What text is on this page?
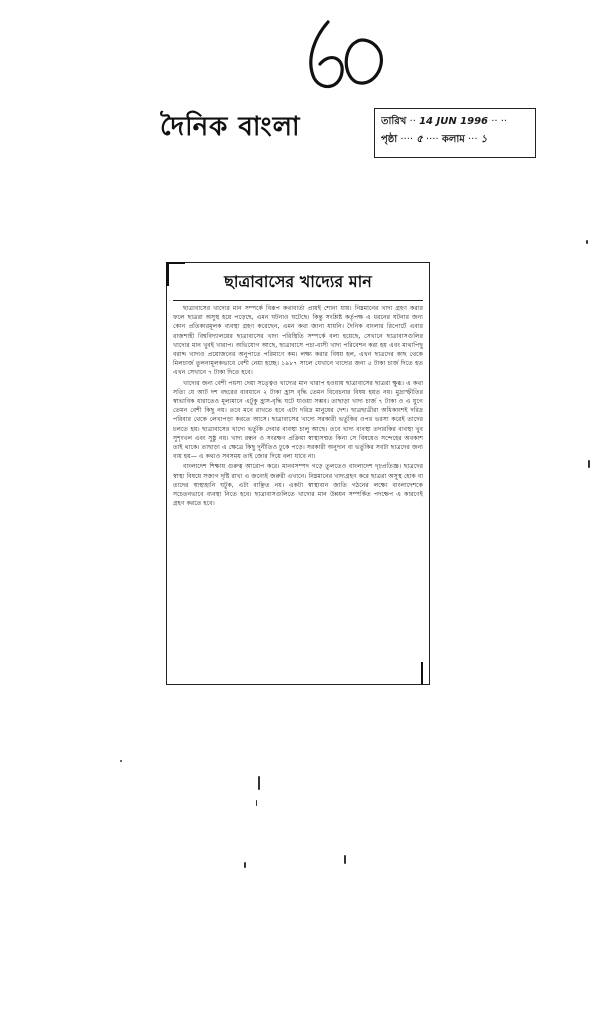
দৈনিক বাংলা	তারিখ ·· 14 JUN 1996 ·· ··
পৃষ্ঠা ···· ৫ ···· কলাম ··· ১
ছাত্রাবাসের খাদ্যের মান

ছাত্রাবাসের খাদ্যের মান সম্পর্কে বিরূপ কথাবার্তা প্রায়ই শোনা যায়। নিম্নমানের খাদ্য গ্রহণ করার ফলে ছাত্ররা অসুস্থ হয়ে পড়েছে, এমন ঘটনাও ঘটেছে। কিন্তু সংশ্লিষ্ট কর্তৃপক্ষ এ ধরনের ঘটনার জন্য কোন প্রতিকারমূলক ব্যবস্থা গ্রহণ করেছেন, এমন কথা জানা যায়নি। দৈনিক বাংলার রিপোর্টে এবার রাজশাহী বিশ্ববিদ্যালয়ের ছাত্রাবাসের খাদ্য পরিস্থিতি সম্পর্কে বলা হয়েছে, সেখানে ছাত্রাবাসগুলির খাদ্যের মান খুবই খারাপ। অভিযোগ আছে, ছাত্রাবাসে পচা-বাসী খাদ্য পরিবেশন করা হয় এবং মাথাপিছু বরাদ্দ খাদ্যও প্রয়োজনের অনুপাতে পরিমাণে কম। লক্ষ্য করার বিষয় হল, এখন ছাত্রদের কাছ থেকে মিলচার্জ তুলনামূলকভাবে বেশী নেয়া হচ্ছে। ১৯৮৭ সালে যেখানে খাদ্যের জন্য ৫ টাকা চার্জ দিতে হত এখন সেখানে ৭ টাকা দিতে হবে।

খাদ্যের জন্য বেশী পয়সা দেয়া সত্ত্বেও খাদ্যের মান খারাপ হওয়ায় ছাত্রাবাসের ছাত্ররা ক্ষুব্ধ। এ কথা সত্যি যে আট দশ বছরের ব্যবধানে ২ টাকা হ্রাস বৃদ্ধি তেমন বিবেচনার বিষয় হয়ত নয়। মুদ্রাস্ফীতির স্বাভাবিক ধারাতেও মূল্যমানে এটুকু হ্রাস-বৃদ্ধি ঘটে যাওয়া সম্ভব। তাছাড়া খাদ্য চার্জ ৭ টাকা ও এ যুগে তেমন বেশী কিছু নয়। তবে মনে রাখতে হবে এটা দরিদ্র মানুষের দেশ। ছাত্রছাত্রীরা অধিকাংশই দরিদ্র পরিবার থেকে লেখাপড়া করতে আসে। ছাত্রাবাসের খাদ্যে সরকারী ভর্তুকির ওপর ভরসা করেই তাদের চলতে হয়। ছাত্রাবাসের খাদ্যে ভর্তুকি দেবার ব্যবস্থা চালু আছে। তবে খাদ্য ব্যবস্থা তদারকির ব্যবস্থা খুব সুশৃংখল এবং সুষ্ঠু নয়। খাদ্য রন্ধন ও সংরক্ষণ প্রক্রিয়া স্বাস্থ্যসম্মত কিনা সে বিষয়েও সন্দেহের অবকাশ তাই থাকে। তাছাড়া এ ক্ষেত্রে কিছু দুর্নীতিও ঢুকে পড়ে। সরকারী অনুদান বা ভর্তুকির সবটা ছাত্রদের জন্য ব্যয় হয়— এ কথাও সবসময় তাই জোর দিয়ে বলা যাবে না।

বাংলাদেশ শিক্ষায় গুরুত্ব আরোপ করে। মানবসম্পদ গড়ে তুলতেও বাংলাদেশ দৃঢ়প্রতিজ্ঞ। ছাত্রদের স্বাস্থ্য বিষয়ে সজাগ দৃষ্টি রাখা এ জন্যেই জরুরী এখানে। নিম্নমানের খাদ্যগ্রহণ করে ছাত্ররা অসুস্থ হোক বা তাদের স্বাস্থ্যহানি ঘটুক, এটা বাঞ্ছিত নয়। একটা স্বাস্থ্যবান জাতি গঠনের লক্ষ্যে বাংলাদেশকে সচেতনভাবে ব্যবস্থা নিতে হবে। ছাত্রাবাসগুলিতে খাদ্যের মান উন্নয়ন সম্পর্কিত পদক্ষেপ এ কারণেই গ্রহণ করতে হবে।
